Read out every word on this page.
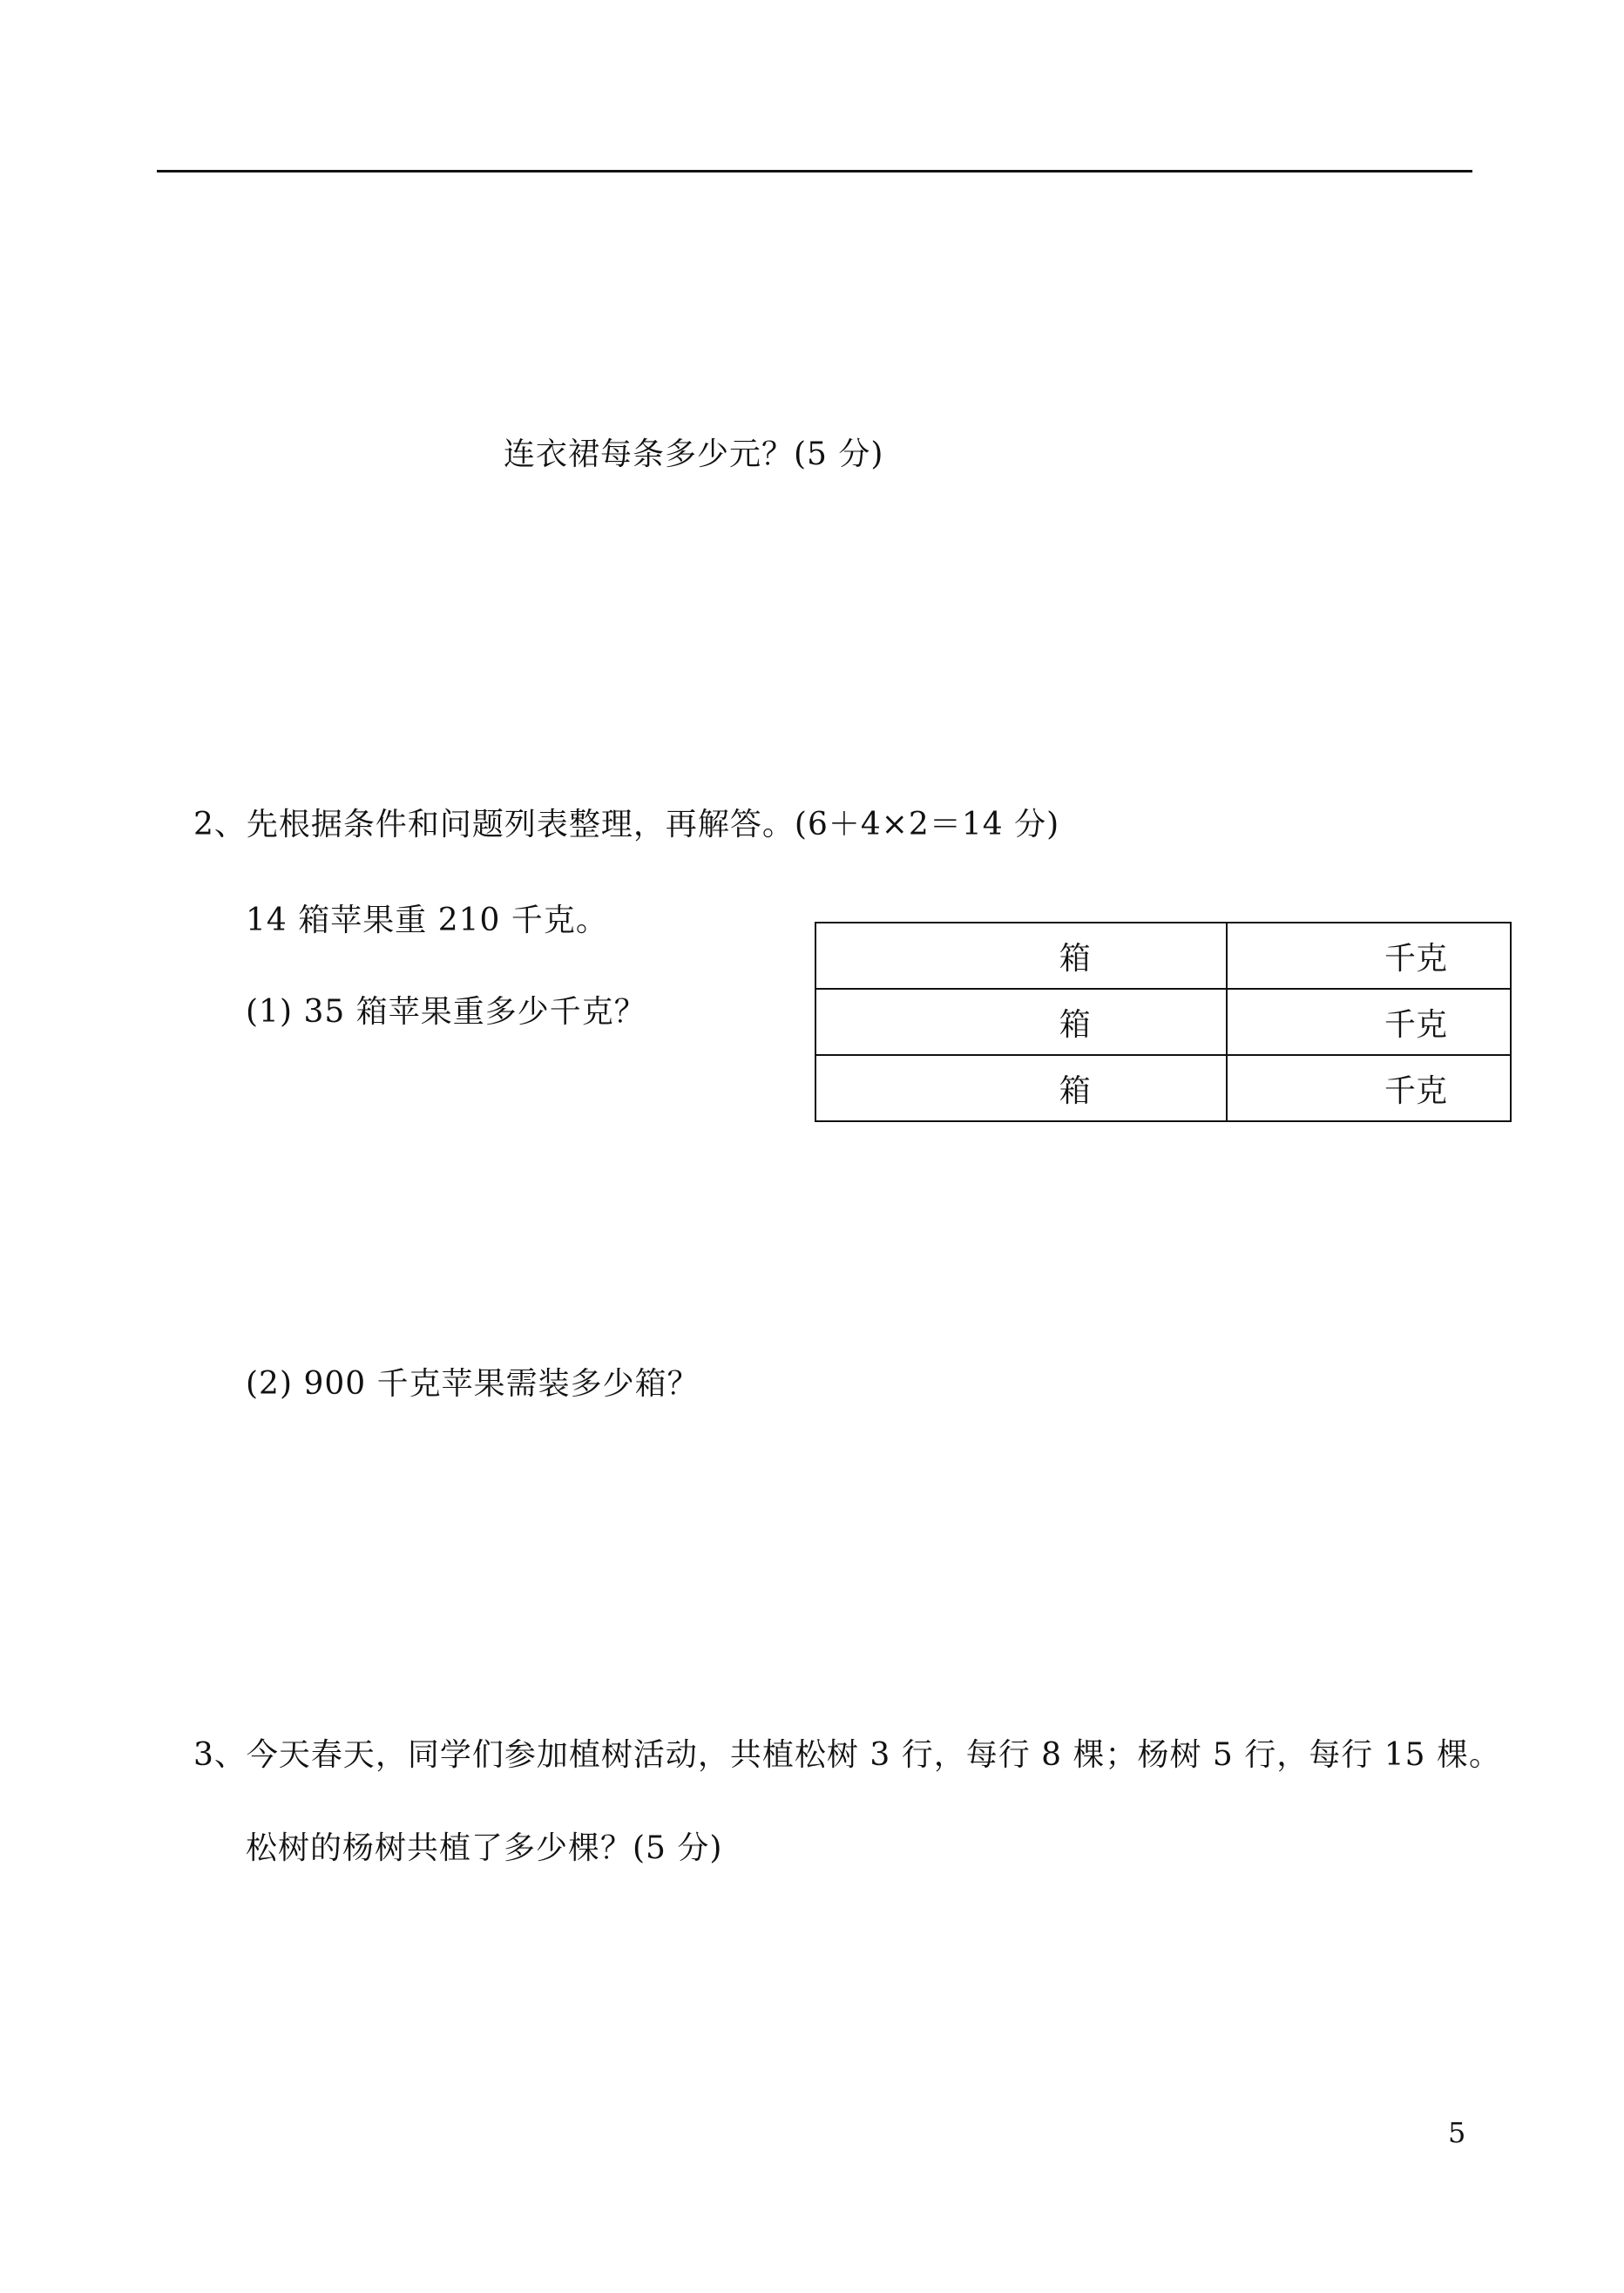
连衣裙每条多少元？(5 分)
2、先根据条件和问题列表整理，再解答。(6＋4×2＝14 分)
14 箱苹果重 210 千克。
(1) 35 箱苹果重多少千克？
箱	千克
箱	千克
箱	千克
(2) 900 千克苹果需装多少箱？
3、今天春天，同学们参加植树活动，共植松树 3 行，每行 8 棵；杨树 5 行，每行 15 棵。
松树的杨树共植了多少棵？(5 分)
5
